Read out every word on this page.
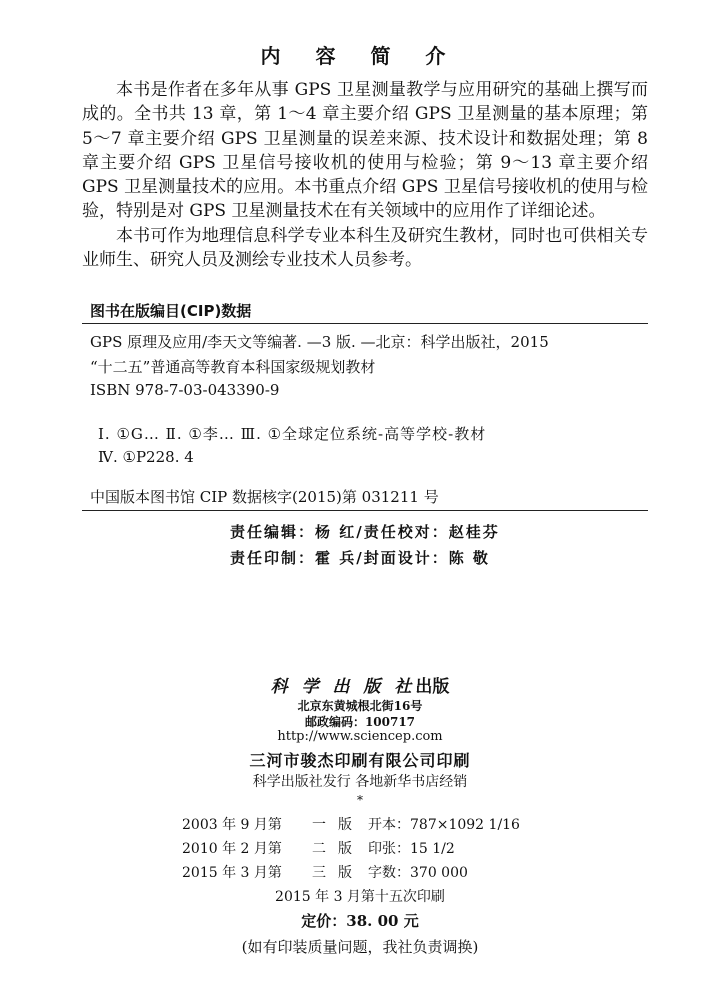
内 容 简 介

本书是作者在多年从事 GPS 卫星测量教学与应用研究的基础上撰写而成的。全书共 13 章，第 1～4 章主要介绍 GPS 卫星测量的基本原理；第 5～7 章主要介绍 GPS 卫星测量的误差来源、技术设计和数据处理；第 8 章主要介绍 GPS 卫星信号接收机的使用与检验；第 9～13 章主要介绍 GPS 卫星测量技术的应用。本书重点介绍 GPS 卫星信号接收机的使用与检验，特别是对 GPS 卫星测量技术在有关领域中的应用作了详细论述。

本书可作为地理信息科学专业本科生及研究生教材，同时也可供相关专业师生、研究人员及测绘专业技术人员参考。

图书在版编目(CIP)数据
GPS 原理及应用/李天文等编著. —3 版. —北京：科学出版社，2015
“十二五”普通高等教育本科国家级规划教材
ISBN 978-7-03-043390-9
Ⅰ. ①G… Ⅱ. ①李… Ⅲ. ①全球定位系统-高等学校-教材
Ⅳ. ①P228. 4
中国版本图书馆 CIP 数据核字(2015)第 031211 号
责任编辑：杨 红/责任校对：赵桂芬
责任印制：霍 兵/封面设计：陈 敬
科 学 出 版 社出版
北京东黄城根北街16号
邮政编码：100717
http://www.sciencep.com
三河市骏杰印刷有限公司印刷
科学出版社发行 各地新华书店经销
*
2003 年 9 月第 一 版 开本：787×1092 1/16
2010 年 2 月第 二 版 印张：15 1/2
2015 年 3 月第 三 版 字数：370 000
2015 年 3 月第十五次印刷
定价：38. 00 元
(如有印装质量问题，我社负责调换)
